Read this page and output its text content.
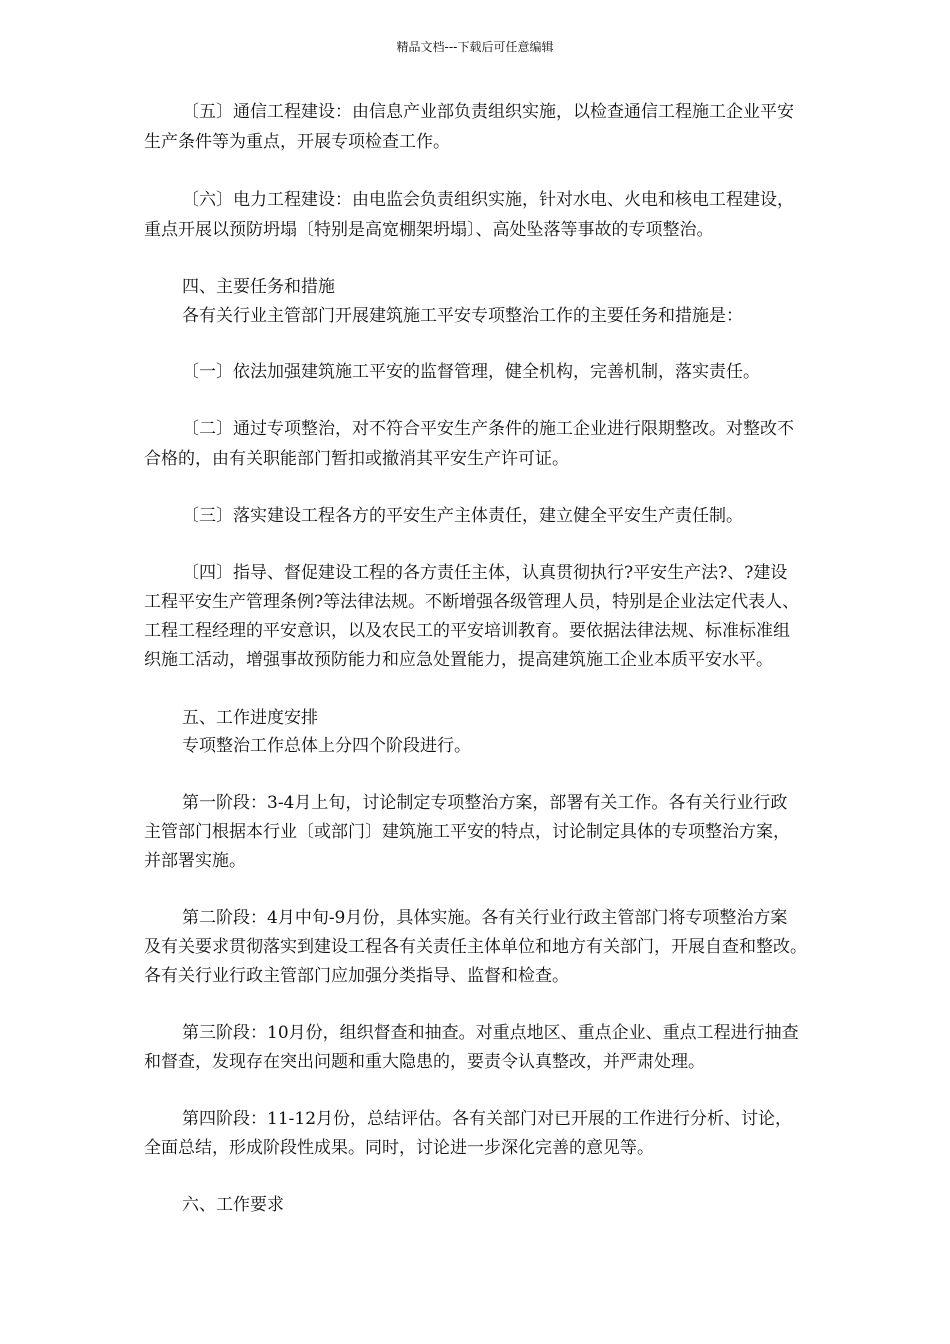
精品文档---下载后可任意编辑
〔五〕通信工程建设：由信息产业部负责组织实施，以检查通信工程施工企业平安
生产条件等为重点，开展专项检查工作。
〔六〕电力工程建设：由电监会负责组织实施，针对水电、火电和核电工程建设，
重点开展以预防坍塌〔特别是高宽棚架坍塌〕、高处坠落等事故的专项整治。
四、主要任务和措施
各有关行业主管部门开展建筑施工平安专项整治工作的主要任务和措施是：
〔一〕依法加强建筑施工平安的监督管理，健全机构，完善机制，落实责任。
〔二〕通过专项整治，对不符合平安生产条件的施工企业进行限期整改。对整改不
合格的，由有关职能部门暂扣或撤消其平安生产许可证。
〔三〕落实建设工程各方的平安生产主体责任，建立健全平安生产责任制。
〔四〕指导、督促建设工程的各方责任主体，认真贯彻执行?平安生产法?、?建设
工程平安生产管理条例?等法律法规。不断增强各级管理人员，特别是企业法定代表人、
工程工程经理的平安意识，以及农民工的平安培训教育。要依据法律法规、标准标准组
织施工活动，增强事故预防能力和应急处置能力，提高建筑施工企业本质平安水平。
五、工作进度安排
专项整治工作总体上分四个阶段进行。
第一阶段：3-4月上旬，讨论制定专项整治方案，部署有关工作。各有关行业行政
主管部门根据本行业〔或部门〕建筑施工平安的特点，讨论制定具体的专项整治方案，
并部署实施。
第二阶段：4月中旬-9月份，具体实施。各有关行业行政主管部门将专项整治方案
及有关要求贯彻落实到建设工程各有关责任主体单位和地方有关部门，开展自查和整改。
各有关行业行政主管部门应加强分类指导、监督和检查。
第三阶段：10月份，组织督查和抽查。对重点地区、重点企业、重点工程进行抽查
和督查，发现存在突出问题和重大隐患的，要责令认真整改，并严肃处理。
第四阶段：11-12月份，总结评估。各有关部门对已开展的工作进行分析、讨论，
全面总结，形成阶段性成果。同时，讨论进一步深化完善的意见等。
六、工作要求
